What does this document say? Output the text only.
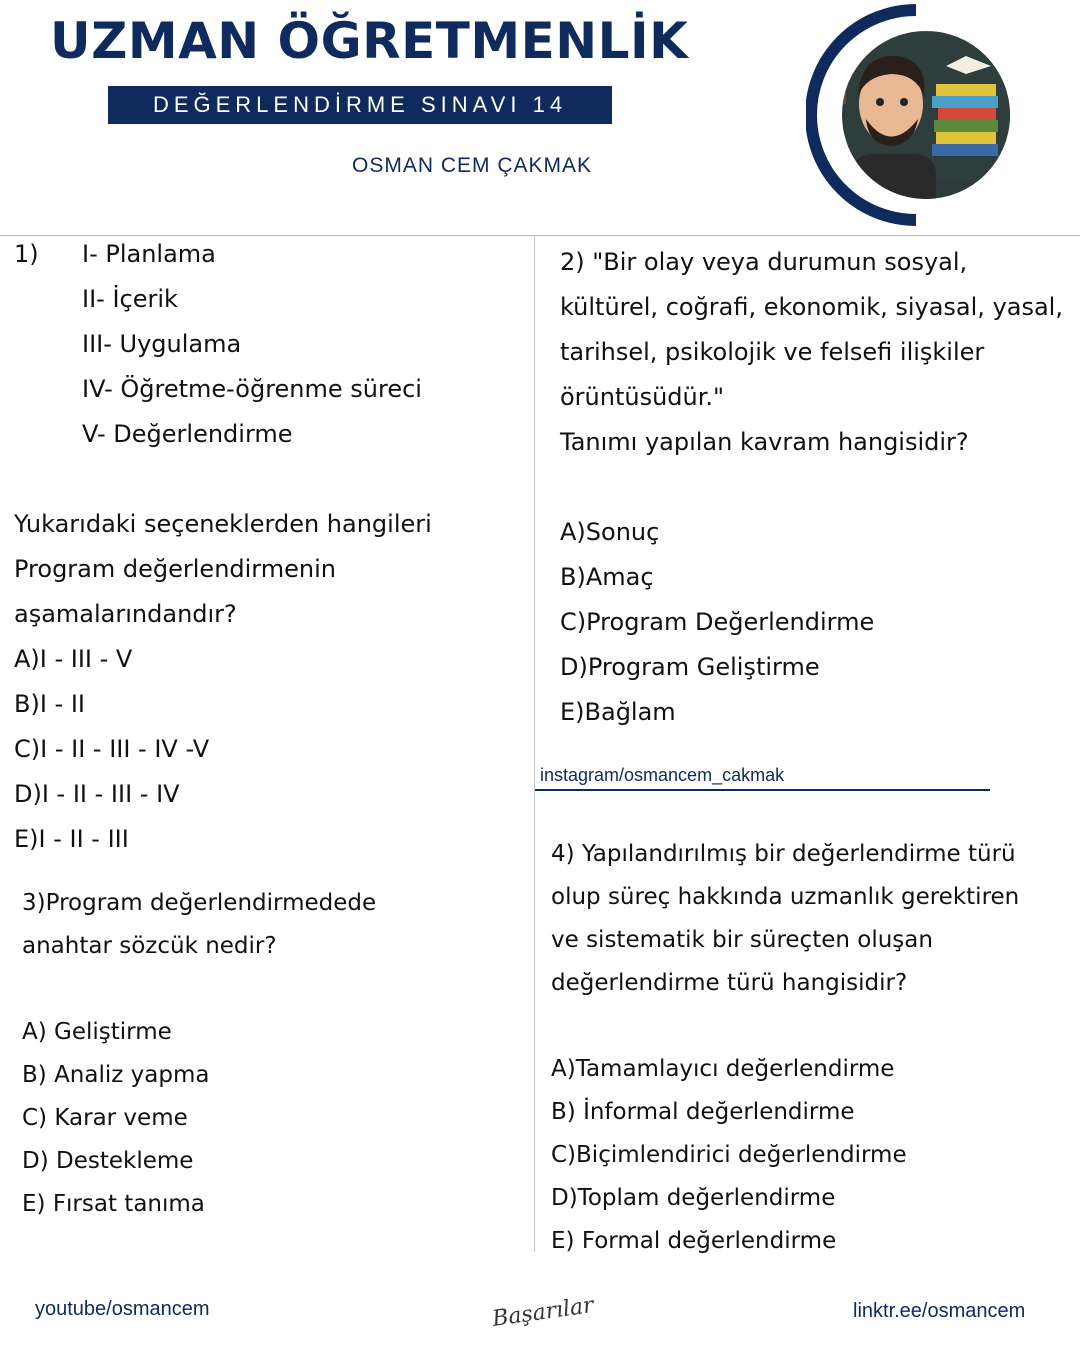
UZMAN ÖĞRETMENLİK
DEĞERLENDİRME SINAVI 14
OSMAN CEM ÇAKMAK
1) I- Planlama
II- İçerik
III- Uygulama
IV- Öğretme-öğrenme süreci
V- Değerlendirme
Yukarıdaki seçeneklerden hangileri
Program değerlendirmenin
aşamalarındandır?
A)I - III - V
B)I - II
C)I - II - III - IV -V
D)I - II - III - IV
E)I - II - III
2) "Bir olay veya durumun sosyal,
kültürel, coğrafi, ekonomik, siyasal, yasal,
tarihsel, psikolojik ve felsefi ilişkiler
örüntüsüdür."
Tanımı yapılan kavram hangisidir?
A)Sonuç
B)Amaç
C)Program Değerlendirme
D)Program Geliştirme
E)Bağlam
instagram/osmancem_cakmak
3)Program değerlendirmedede
anahtar sözcük nedir?
A) Geliştirme
B) Analiz yapma
C) Karar veme
D) Destekleme
E) Fırsat tanıma
4) Yapılandırılmış bir değerlendirme türü
olup süreç hakkında uzmanlık gerektiren
ve sistematik bir süreçten oluşan
değerlendirme türü hangisidir?
A)Tamamlayıcı değerlendirme
B) İnformal değerlendirme
C)Biçimlendirici değerlendirme
D)Toplam değerlendirme
E) Formal değerlendirme
youtube/osmancem	Başarılar	linktr.ee/osmancem
